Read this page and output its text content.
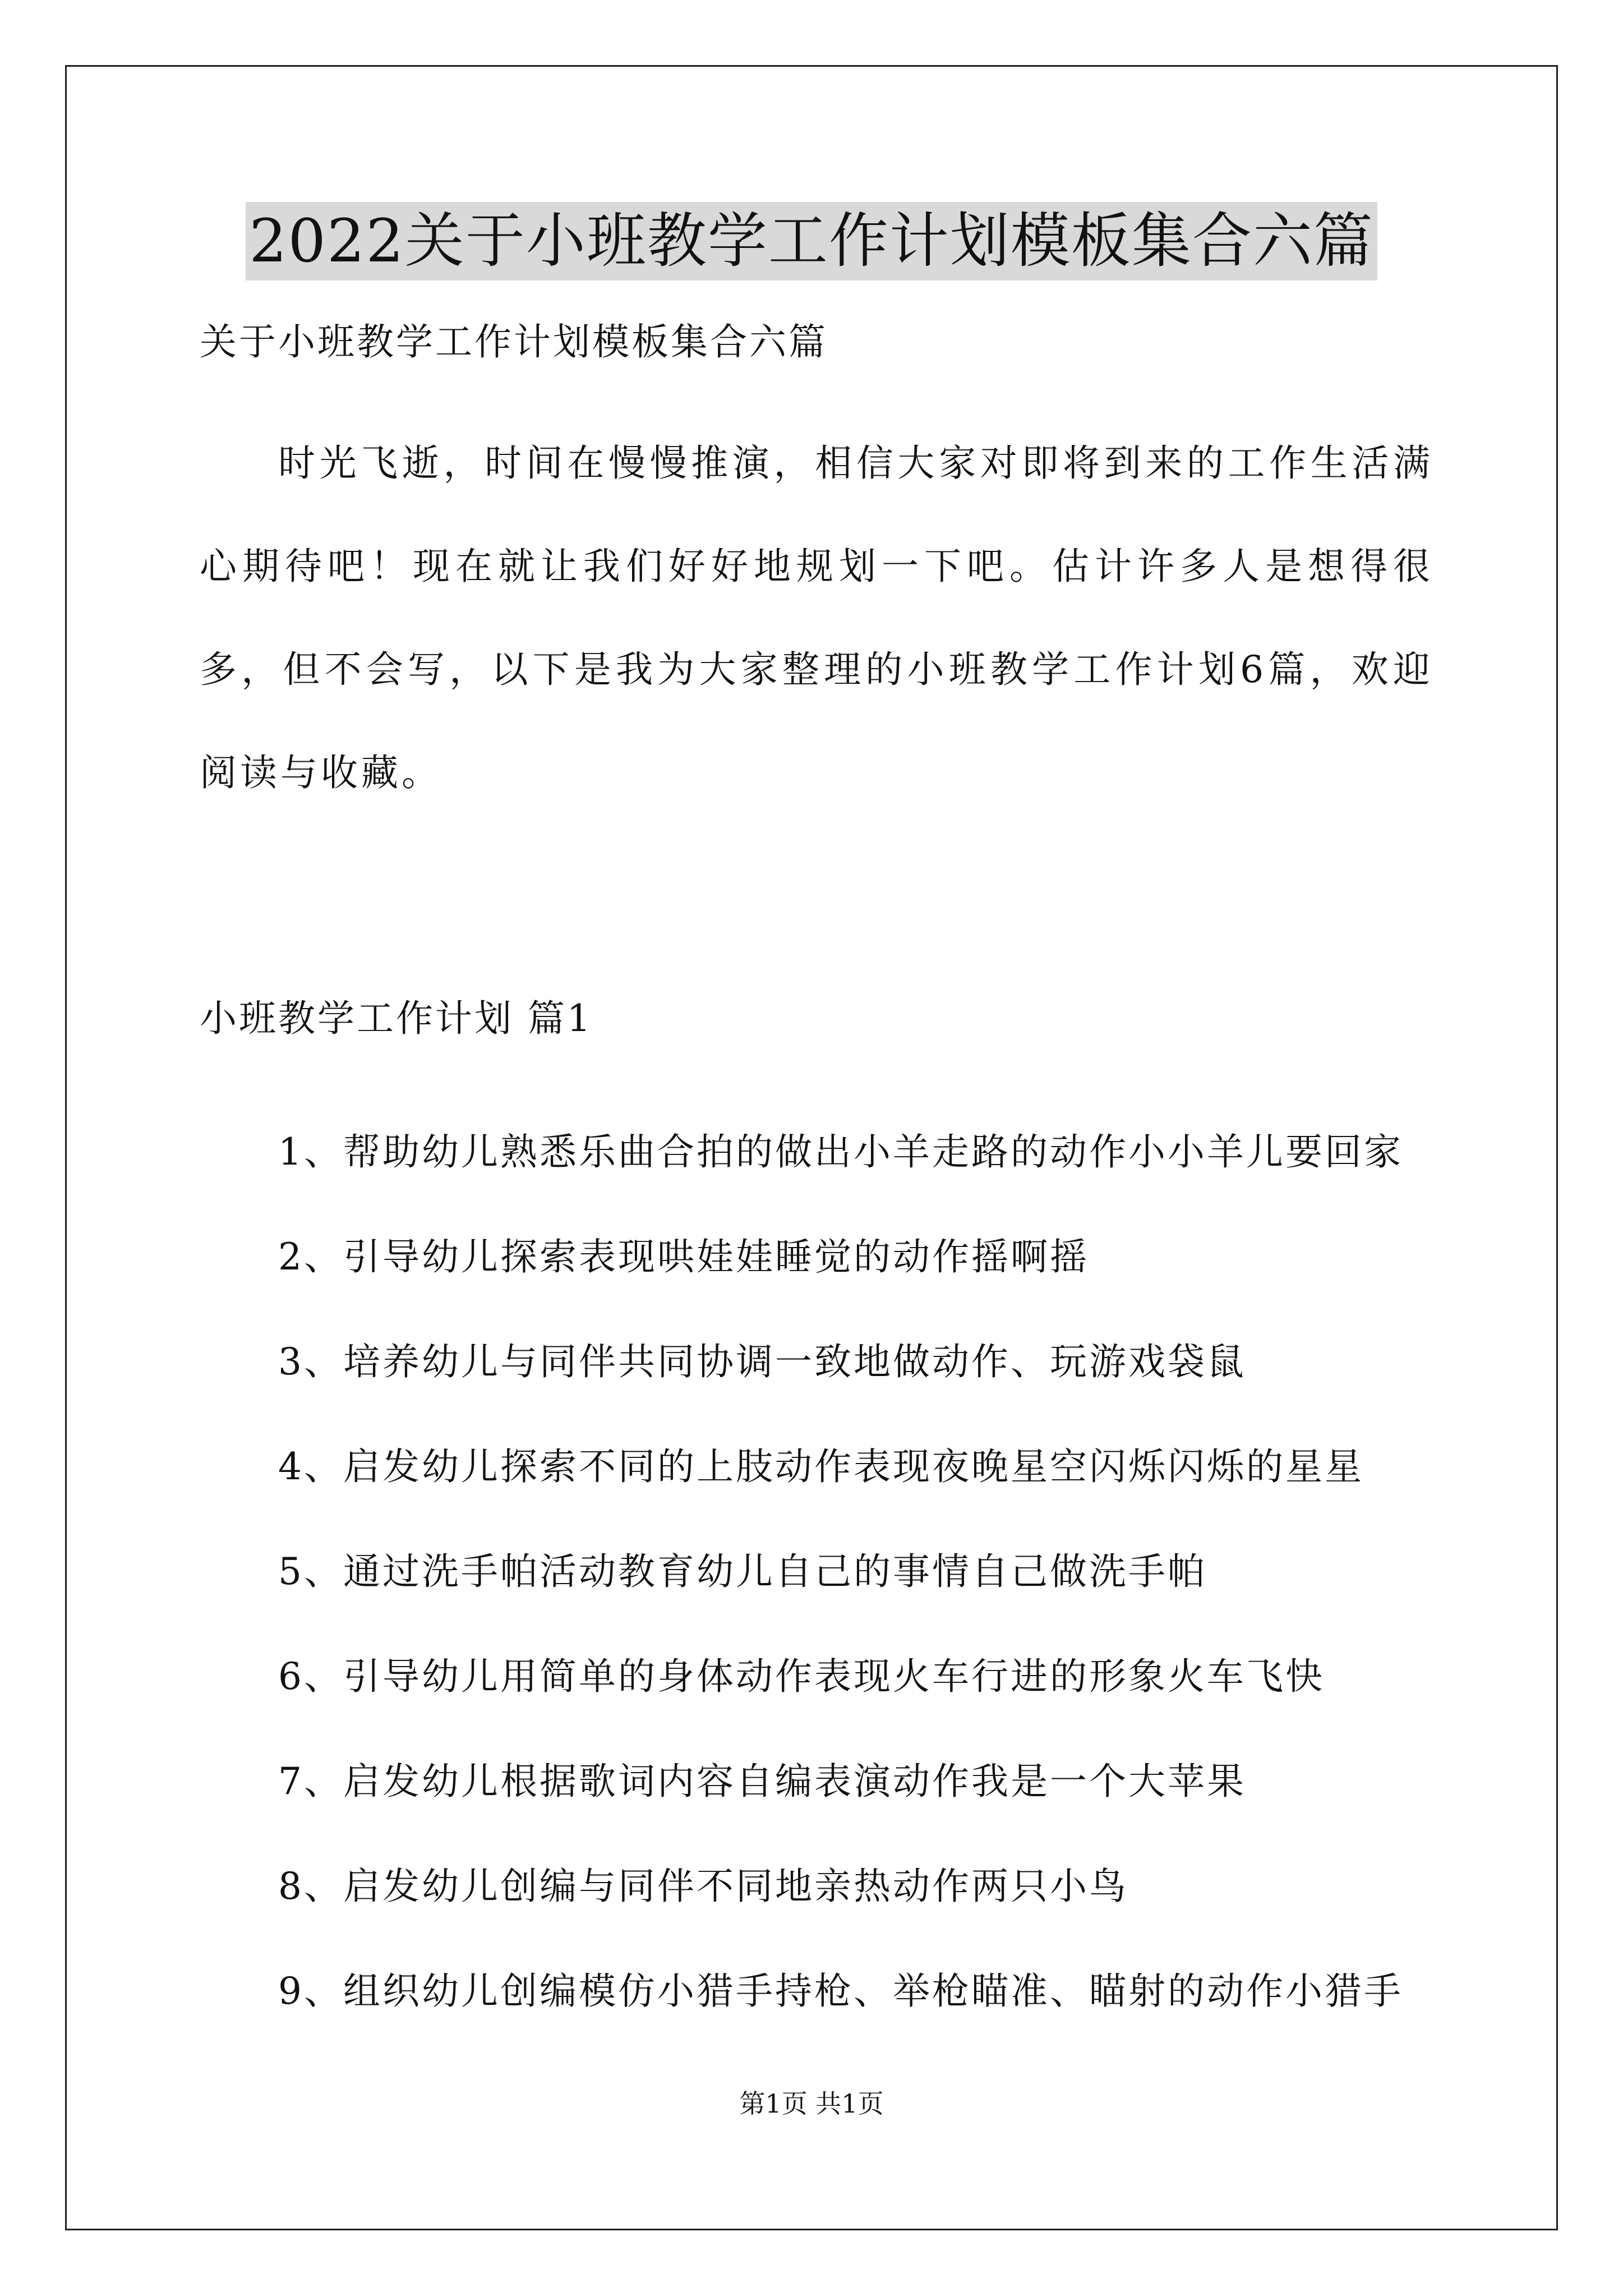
2022关于小班教学工作计划模板集合六篇

关于小班教学工作计划模板集合六篇

时光飞逝，时间在慢慢推演，相信大家对即将到来的工作生活满心期待吧！现在就让我们好好地规划一下吧。估计许多人是想得很多，但不会写，以下是我为大家整理的小班教学工作计划6篇，欢迎阅读与收藏。

小班教学工作计划 篇1

1、帮助幼儿熟悉乐曲合拍的做出小羊走路的动作小小羊儿要回家
2、引导幼儿探索表现哄娃娃睡觉的动作摇啊摇
3、培养幼儿与同伴共同协调一致地做动作、玩游戏袋鼠
4、启发幼儿探索不同的上肢动作表现夜晚星空闪烁闪烁的星星
5、通过洗手帕活动教育幼儿自己的事情自己做洗手帕
6、引导幼儿用简单的身体动作表现火车行进的形象火车飞快
7、启发幼儿根据歌词内容自编表演动作我是一个大苹果
8、启发幼儿创编与同伴不同地亲热动作两只小鸟
9、组织幼儿创编模仿小猎手持枪、举枪瞄准、瞄射的动作小猎手
第1页 共1页
